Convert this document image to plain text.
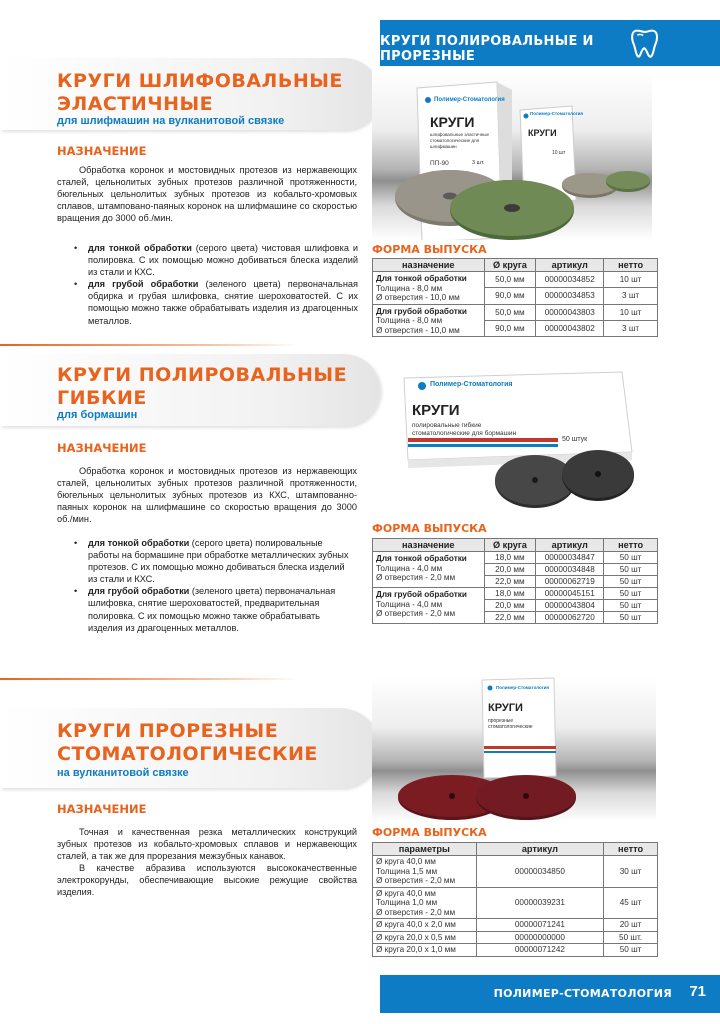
КРУГИ ПОЛИРОВАЛЬНЫЕ И ПРОРЕЗНЫЕ
КРУГИ ШЛИФОВАЛЬНЫЕ
ЭЛАСТИЧНЫЕ
для шлифмашин на вулканитовой связке
НАЗНАЧЕНИЕ

Обработка коронок и мостовидных протезов из нержавеющих сталей, цельнолитых зубных протезов различной протяженности, бюгельных цельнолитых зубных протезов из кобальто-хромовых сплавов, штамповано-паяных коронок на шлифмашине со скоростью вращения до 3000 об./мин.

• для тонкой обработки (серого цвета) чистовая шлифовка и полировка. С их помощью можно добиваться блеска изделий из стали и КХС.
• для грубой обработки (зеленого цвета) первоначальная обдирка и грубая шлифовка, снятие шероховатостей. С их помощью можно также обрабатывать изделия из драгоценных металлов.
Полимер-Стоматология
КРУГИ
шлифовальные эластичные стоматологические для шлифмашин
ПП-90	3 шт.
Полимер-Стоматология
КРУГИ
10 шт
ФОРМА ВЫПУСКА
назначение	Ø круга	артикул	нетто
Для тонкой обработки
Толщина - 8,0 мм
Ø отверстия - 10,0 мм	50,0 мм	00000034852	10 шт
	90,0 мм	00000034853	3 шт
Для грубой обработки
Толщина - 8,0 мм
Ø отверстия - 10,0 мм	50,0 мм	00000043803	10 шт
	90,0 мм	00000043802	3 шт
КРУГИ ПОЛИРОВАЛЬНЫЕ
ГИБКИЕ
для бормашин
НАЗНАЧЕНИЕ

Обработка коронок и мостовидных протезов из нержавеющих сталей, цельнолитых зубных протезов различной протяженности, бюгельных цельнолитых зубных протезов из КХС, штампованно-паяных коронок на шлифмашине со скоростью вращения до 3000 об./мин.

• для тонкой обработки (серого цвета) полировальные работы на бормашине при обработке металлических зубных протезов. С их помощью можно добиваться блеска изделий из стали и КХС.
• для грубой обработки (зеленого цвета) первоначальная шлифовка, снятие шероховатостей, предварительная полировка. С их помощью можно также обрабатывать изделия из драгоценных металлов.
Полимер-Стоматология
КРУГИ
полировальные гибкие
стоматологические для бормашин
50 штук
ФОРМА ВЫПУСКА
назначение	Ø круга	артикул	нетто
Для тонкой обработки
Толщина - 4,0 мм
Ø отверстия - 2,0 мм	18,0 мм	00000034847	50 шт
	20,0 мм	00000034848	50 шт
	22,0 мм	00000062719	50 шт
Для грубой обработки
Толщина - 4,0 мм
Ø отверстия - 2,0 мм	18,0 мм	00000045151	50 шт
	20,0 мм	00000043804	50 шт
	22,0 мм	00000062720	50 шт
КРУГИ ПРОРЕЗНЫЕ
СТОМАТОЛОГИЧЕСКИЕ
на вулканитовой связке
НАЗНАЧЕНИЕ

Точная и качественная резка металлических конструкций зубных протезов из кобальто-хромовых сплавов и нержавеющих сталей, а так же для прорезания межзубных канавок.

В качестве абразива используются высококачественные электрокорунды, обеспечивающие высокие режущие свойства изделия.

Полимер-Стоматология
КРУГИ
прорезные стоматологические
ФОРМА ВЫПУСКА
параметры	артикул	нетто
Ø круга 40,0 мм
Толщина 1,5 мм
Ø отверстия - 2,0 мм	00000034850	30 шт
Ø круга 40,0 мм
Толщина 1,0 мм
Ø отверстия - 2,0 мм	00000039231	45 шт
Ø круга 40,0 х 2,0 мм	00000071241	20 шт
Ø круга 20,0 х 0,5 мм	00000000000	50 шт.
Ø круга 20,0 х 1,0 мм	00000071242	50 шт
ПОЛИМЕР-СТОМАТОЛОГИЯ 71
